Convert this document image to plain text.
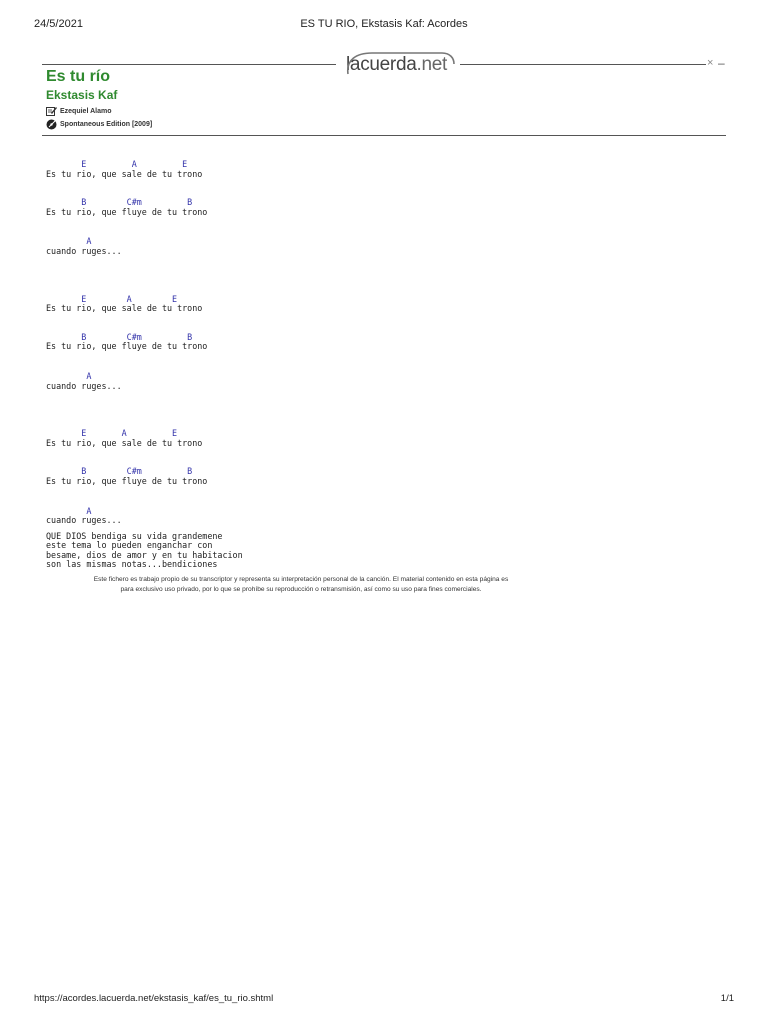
24/5/2021	ES TU RIO, Ekstasis Kaf: Acordes
lacuerda.net	× –
Es tu río
Ekstasis Kaf
Ezequiel Alamo
Spontaneous Edition [2009]
E         A         E
Es tu rio, que sale de tu trono
B        C#m         B
Es tu rio, que fluye de tu trono
A
cuando ruges...
E        A        E
Es tu rio, que sale de tu trono
B        C#m         B
Es tu rio, que fluye de tu trono
A
cuando ruges...
E       A         E
Es tu rio, que sale de tu trono
B        C#m         B
Es tu rio, que fluye de tu trono
A
cuando ruges...
QUE DIOS bendiga su vida grandemene
este tema lo pueden enganchar con
besame, dios de amor y en tu habitacion
son las mismas notas...bendiciones
Este fichero es trabajo propio de su transcriptor y representa su interpretación personal de la canción. El material contenido en esta página es
para exclusivo uso privado, por lo que se prohíbe su reproducción o retransmisión, así como su uso para fines comerciales.
https://acordes.lacuerda.net/ekstasis_kaf/es_tu_rio.shtml	1/1
